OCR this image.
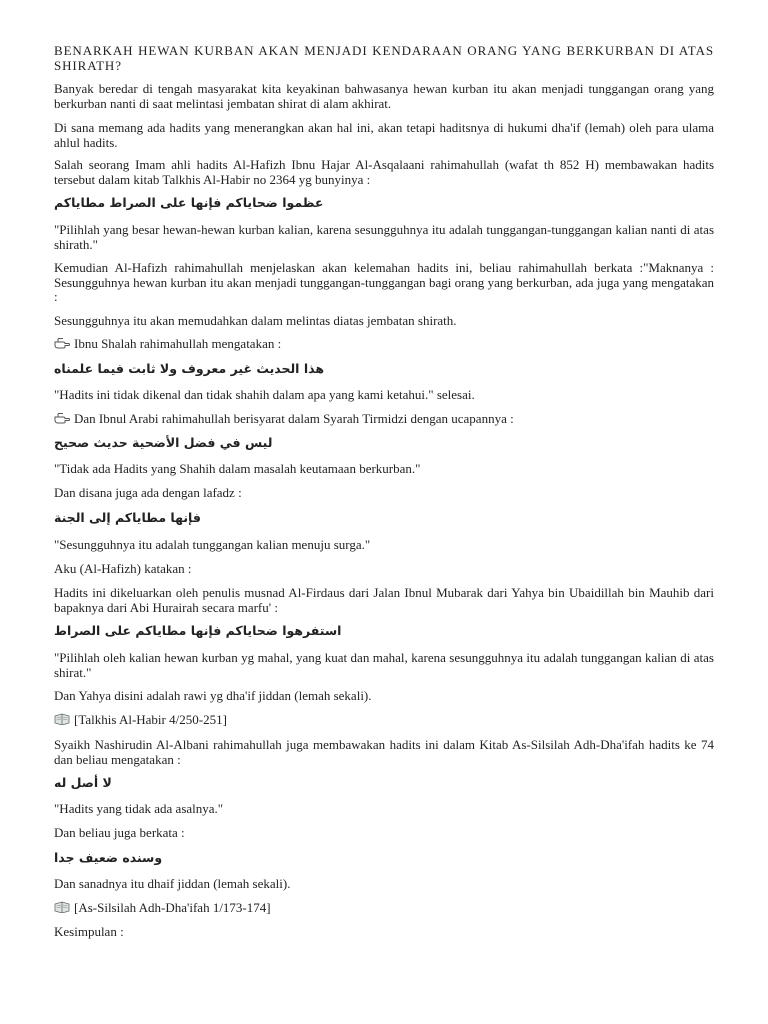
BENARKAH HEWAN KURBAN AKAN MENJADI KENDARAAN ORANG YANG BERKURBAN DI ATAS SHIRATH?
Banyak beredar di tengah masyarakat kita keyakinan bahwasanya hewan kurban itu akan menjadi tunggangan orang yang berkurban nanti di saat melintasi jembatan shirat di alam akhirat.
Di sana memang ada hadits yang menerangkan akan hal ini, akan tetapi haditsnya di hukumi dha'if (lemah) oleh para ulama ahlul hadits.
Salah seorang Imam ahli hadits Al-Hafizh Ibnu Hajar Al-Asqalaani rahimahullah (wafat th 852 H) membawakan hadits tersebut dalam kitab Talkhis Al-Habir no 2364 yg bunyinya :
عظموا ضحاياكم فإنها على الصراط مطاياكم
"Pilihlah yang besar hewan-hewan kurban kalian, karena sesungguhnya itu adalah tunggangan-tunggangan kalian nanti di atas shirath."
Kemudian Al-Hafizh rahimahullah menjelaskan akan kelemahan hadits ini, beliau rahimahullah berkata :"Maknanya : Sesungguhnya hewan kurban itu akan menjadi tunggangan-tunggangan bagi orang yang berkurban, ada juga yang mengatakan :
Sesungguhnya itu akan memudahkan dalam melintas diatas jembatan shirath.
Ibnu Shalah rahimahullah mengatakan :
هذا الحديث غير معروف ولا ثابت فيما علمناه
"Hadits ini tidak dikenal dan tidak shahih dalam apa yang kami ketahui." selesai.
Dan Ibnul Arabi rahimahullah berisyarat dalam Syarah Tirmidzi dengan ucapannya :
ليس في فضل الأضحية حديث صحيح
"Tidak ada Hadits yang Shahih dalam masalah keutamaan berkurban."
Dan disana juga ada dengan lafadz :
فإنها مطاياكم إلى الجنة
"Sesungguhnya itu adalah tunggangan kalian menuju surga."
Aku (Al-Hafizh) katakan :
Hadits ini dikeluarkan oleh penulis musnad Al-Firdaus dari Jalan Ibnul Mubarak dari Yahya bin Ubaidillah bin Mauhib dari bapaknya dari Abi Hurairah secara marfu' :
استفرهوا ضحاياكم فإنها مطاياكم على الصراط
"Pilihlah oleh kalian hewan kurban yg mahal, yang kuat dan mahal, karena sesungguhnya itu adalah tunggangan kalian di atas shirat."
Dan Yahya disini adalah rawi yg dha'if jiddan (lemah sekali).
[Talkhis Al-Habir 4/250-251]
Syaikh Nashirudin Al-Albani rahimahullah juga membawakan hadits ini dalam Kitab As-Silsilah Adh-Dha'ifah hadits ke 74 dan beliau mengatakan :
لا أصل له
"Hadits yang tidak ada asalnya."
Dan beliau juga berkata :
وسنده ضعيف جدا
Dan sanadnya itu dhaif jiddan (lemah sekali).
[As-Silsilah Adh-Dha'ifah 1/173-174]
Kesimpulan :
